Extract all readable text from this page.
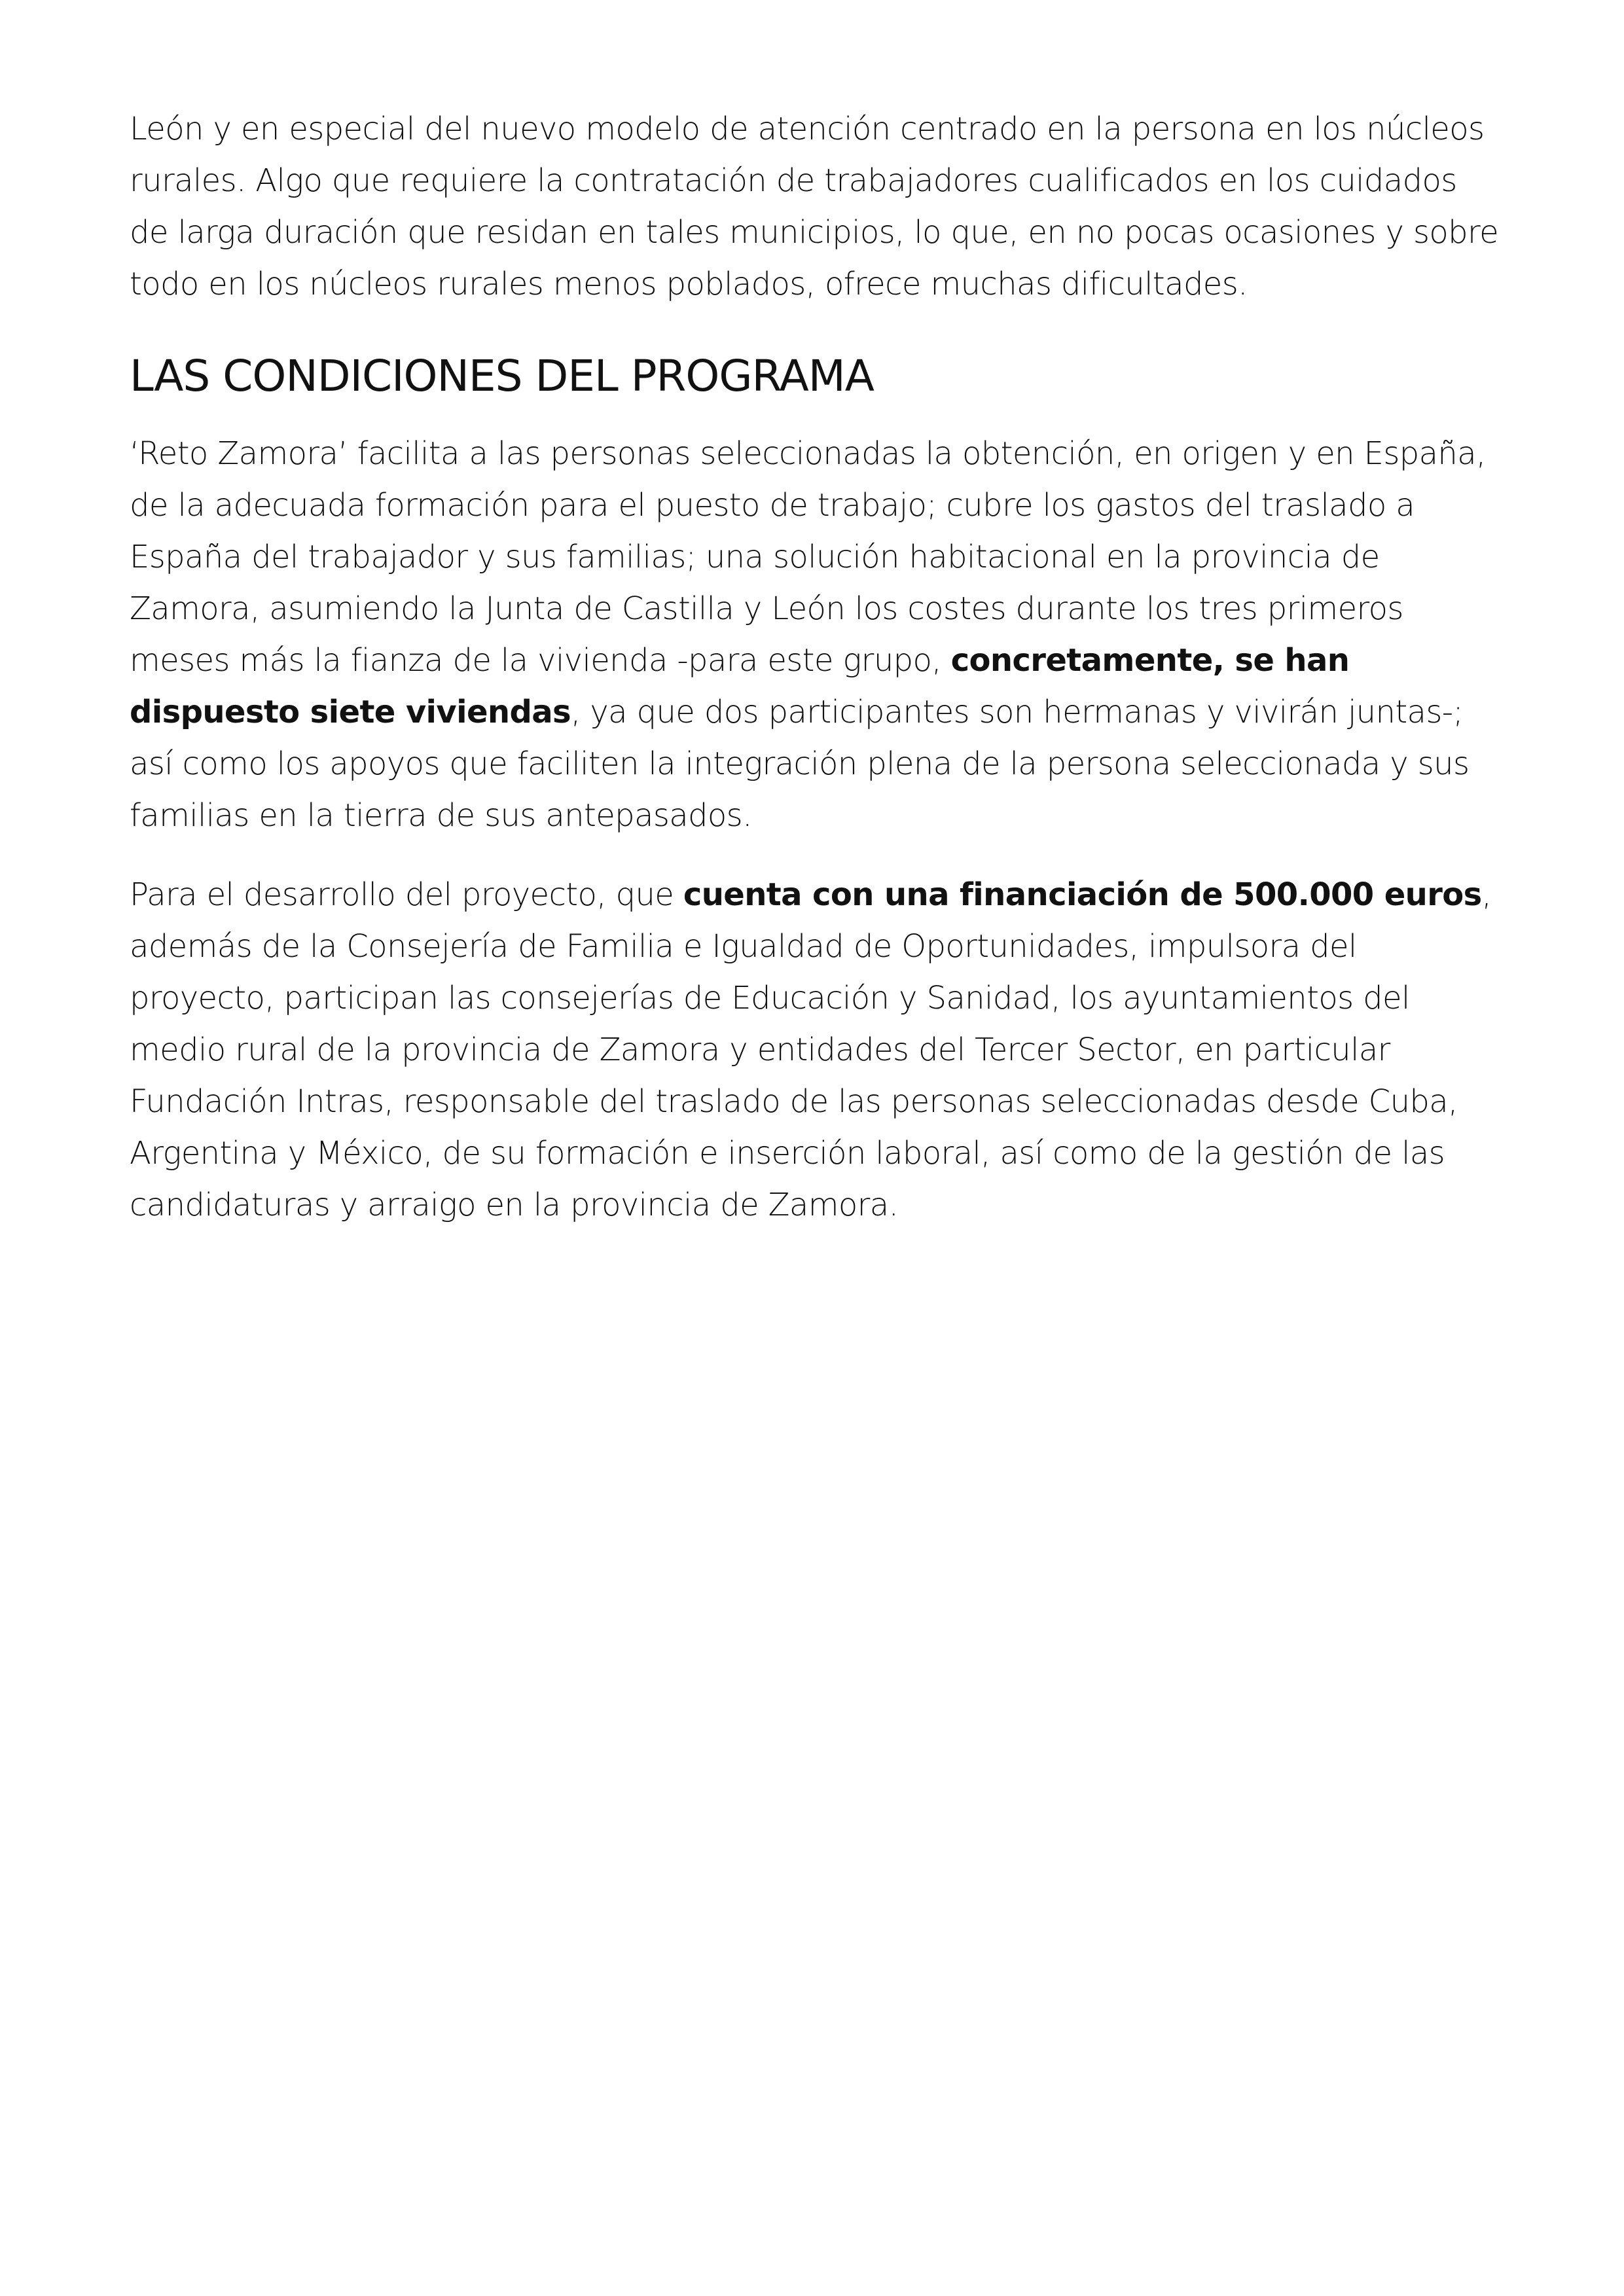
León y en especial del nuevo modelo de atención centrado en la persona en los núcleos rurales. Algo que requiere la contratación de trabajadores cualificados en los cuidados de larga duración que residan en tales municipios, lo que, en no pocas ocasiones y sobre todo en los núcleos rurales menos poblados, ofrece muchas dificultades.

LAS CONDICIONES DEL PROGRAMA

‘Reto Zamora’ facilita a las personas seleccionadas la obtención, en origen y en España, de la adecuada formación para el puesto de trabajo; cubre los gastos del traslado a España del trabajador y sus familias; una solución habitacional en la provincia de Zamora, asumiendo la Junta de Castilla y León los costes durante los tres primeros meses más la fianza de la vivienda -para este grupo, concretamente, se han dispuesto siete viviendas, ya que dos participantes son hermanas y vivirán juntas-; así como los apoyos que faciliten la integración plena de la persona seleccionada y sus familias en la tierra de sus antepasados.

Para el desarrollo del proyecto, que cuenta con una financiación de 500.000 euros, además de la Consejería de Familia e Igualdad de Oportunidades, impulsora del proyecto, participan las consejerías de Educación y Sanidad, los ayuntamientos del medio rural de la provincia de Zamora y entidades del Tercer Sector, en particular Fundación Intras, responsable del traslado de las personas seleccionadas desde Cuba, Argentina y México, de su formación e inserción laboral, así como de la gestión de las candidaturas y arraigo en la provincia de Zamora.
